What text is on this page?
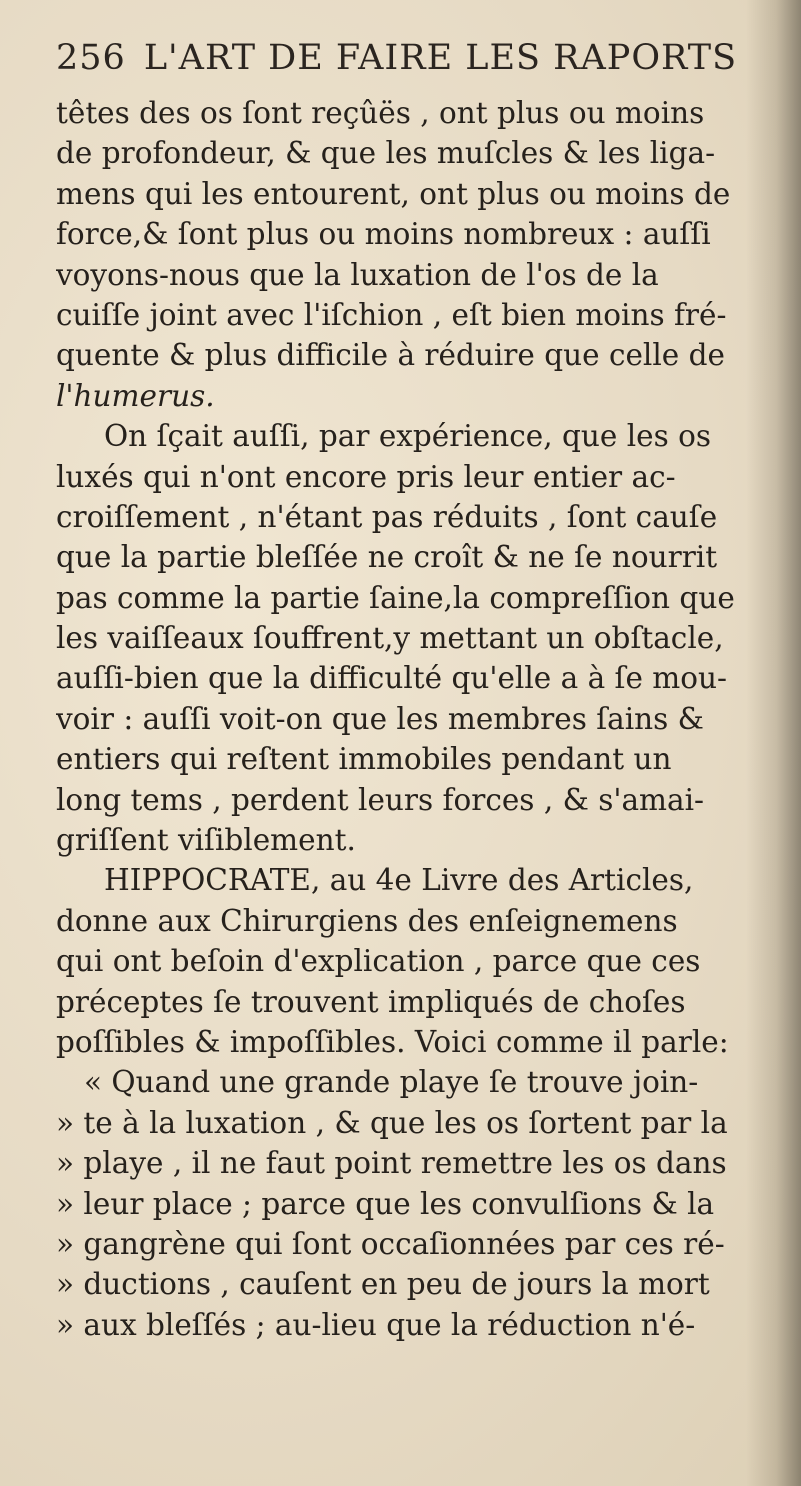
256 L'ART DE FAIRE LES RAPORTS
têtes des os ſont reçûës , ont plus ou moins
de profondeur, & que les muſcles & les liga-
mens qui les entourent, ont plus ou moins de
force,& ſont plus ou moins nombreux : auſſi
voyons-nous que la luxation de l'os de la
cuiſſe joint avec l'iſchion , eſt bien moins fré-
quente & plus difficile à réduire que celle de
l'humerus.
On ſçait auſſi, par expérience, que les os
luxés qui n'ont encore pris leur entier ac-
croiſſement , n'étant pas réduits , ſont cauſe
que la partie bleſſée ne croît & ne ſe nourrit
pas comme la partie ſaine,la compreſſion que
les vaiſſeaux ſouffrent,y mettant un obſtacle,
auſſi-bien que la difficulté qu'elle a à ſe mou-
voir : auſſi voit-on que les membres ſains &
entiers qui reſtent immobiles pendant un
long tems , perdent leurs forces , & s'amai-
griſſent viſiblement.
HIPPOCRATE, au 4e Livre des Articles,
donne aux Chirurgiens des enſeignemens
qui ont beſoin d'explication , parce que ces
préceptes ſe trouvent impliqués de choſes
poſſibles & impoſſibles. Voici comme il parle:
« Quand une grande playe ſe trouve join-
» te à la luxation , & que les os ſortent par la
» playe , il ne faut point remettre les os dans
» leur place ; parce que les convulſions & la
» gangrène qui ſont occaſionnées par ces ré-
» ductions , cauſent en peu de jours la mort
» aux bleſſés ; au-lieu que la réduction n'é-
